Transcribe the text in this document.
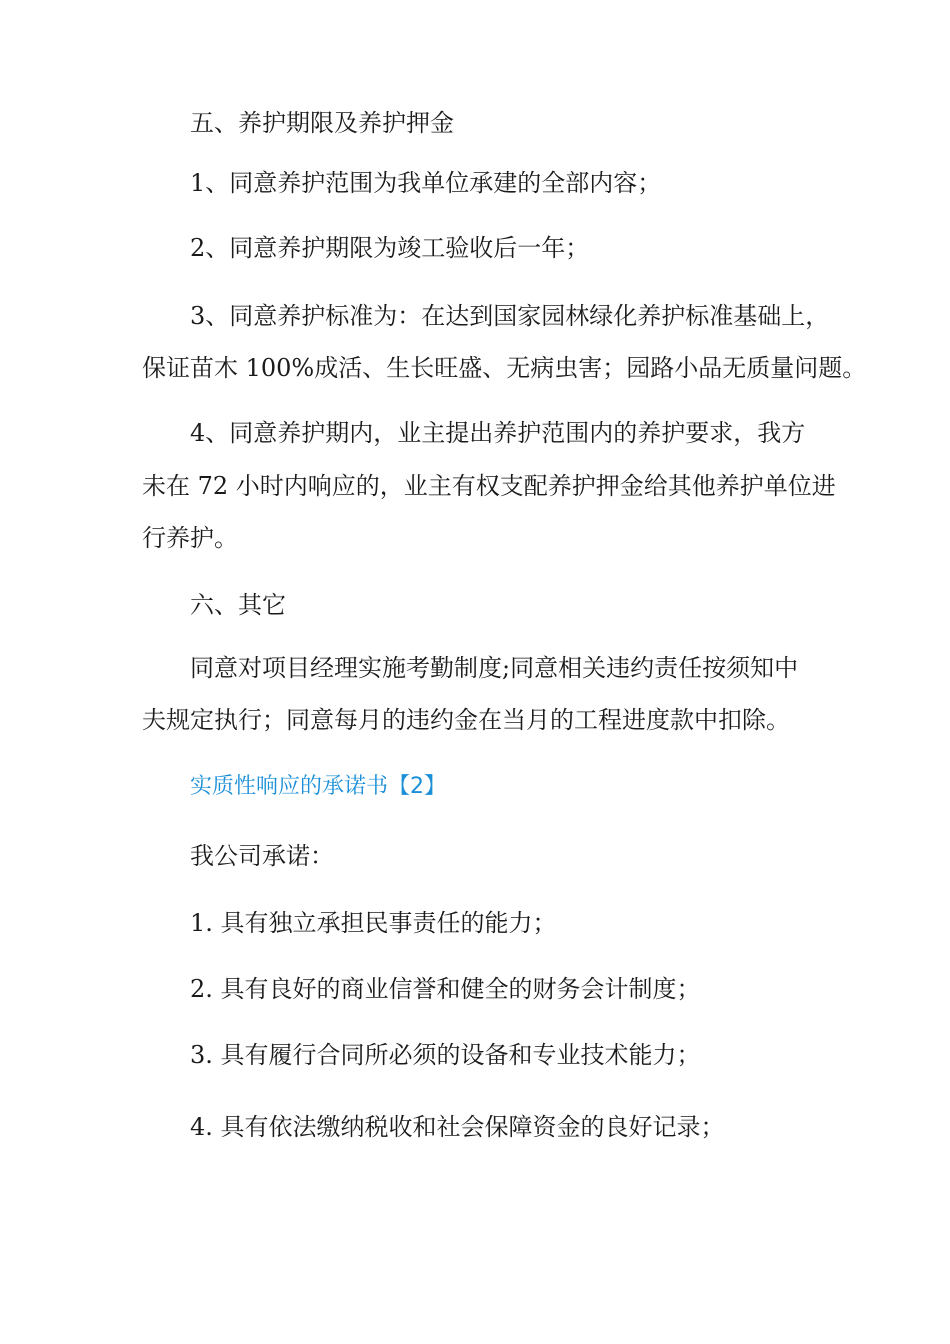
五、养护期限及养护押金
1、同意养护范围为我单位承建的全部内容；
2、同意养护期限为竣工验收后一年；
3、同意养护标准为：在达到国家园林绿化养护标准基础上，
保证苗木 100%成活、生长旺盛、无病虫害；园路小品无质量问题。
4、同意养护期内，业主提出养护范围内的养护要求，我方
未在 72 小时内响应的，业主有权支配养护押金给其他养护单位进
行养护。
六、其它
同意对项目经理实施考勤制度;同意相关违约责任按须知中
夫规定执行；同意每月的违约金在当月的工程进度款中扣除。
实质性响应的承诺书【2】
我公司承诺：
1. 具有独立承担民事责任的能力；
2. 具有良好的商业信誉和健全的财务会计制度；
3. 具有履行合同所必须的设备和专业技术能力；
4. 具有依法缴纳税收和社会保障资金的良好记录；
